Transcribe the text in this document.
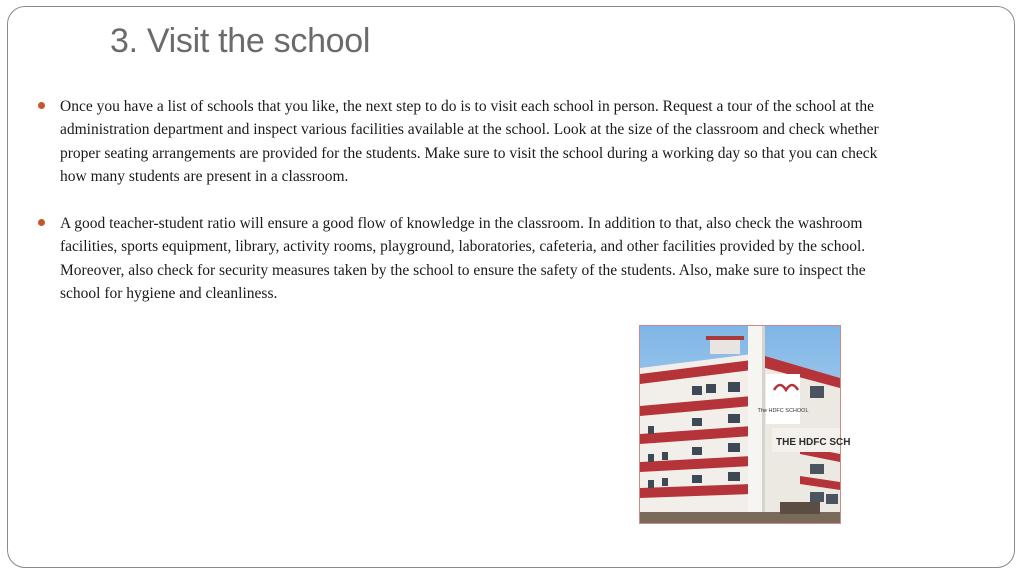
3. Visit the school
Once you have a list of schools that you like, the next step to do is to visit each school in person. Request a tour of the school at the administration department and inspect various facilities available at the school. Look at the size of the classroom and check whether proper seating arrangements are provided for the students. Make sure to visit the school during a working day so that you can check how many students are present in a classroom.
A good teacher-student ratio will ensure a good flow of knowledge in the classroom. In addition to that, also check the washroom facilities, sports equipment, library, activity rooms, playground, laboratories, cafeteria, and other facilities provided by the school. Moreover, also check for security measures taken by the school to ensure the safety of the students. Also, make sure to inspect the school for hygiene and cleanliness.
The HDFC SCHOOL
THE HDFC SCH
